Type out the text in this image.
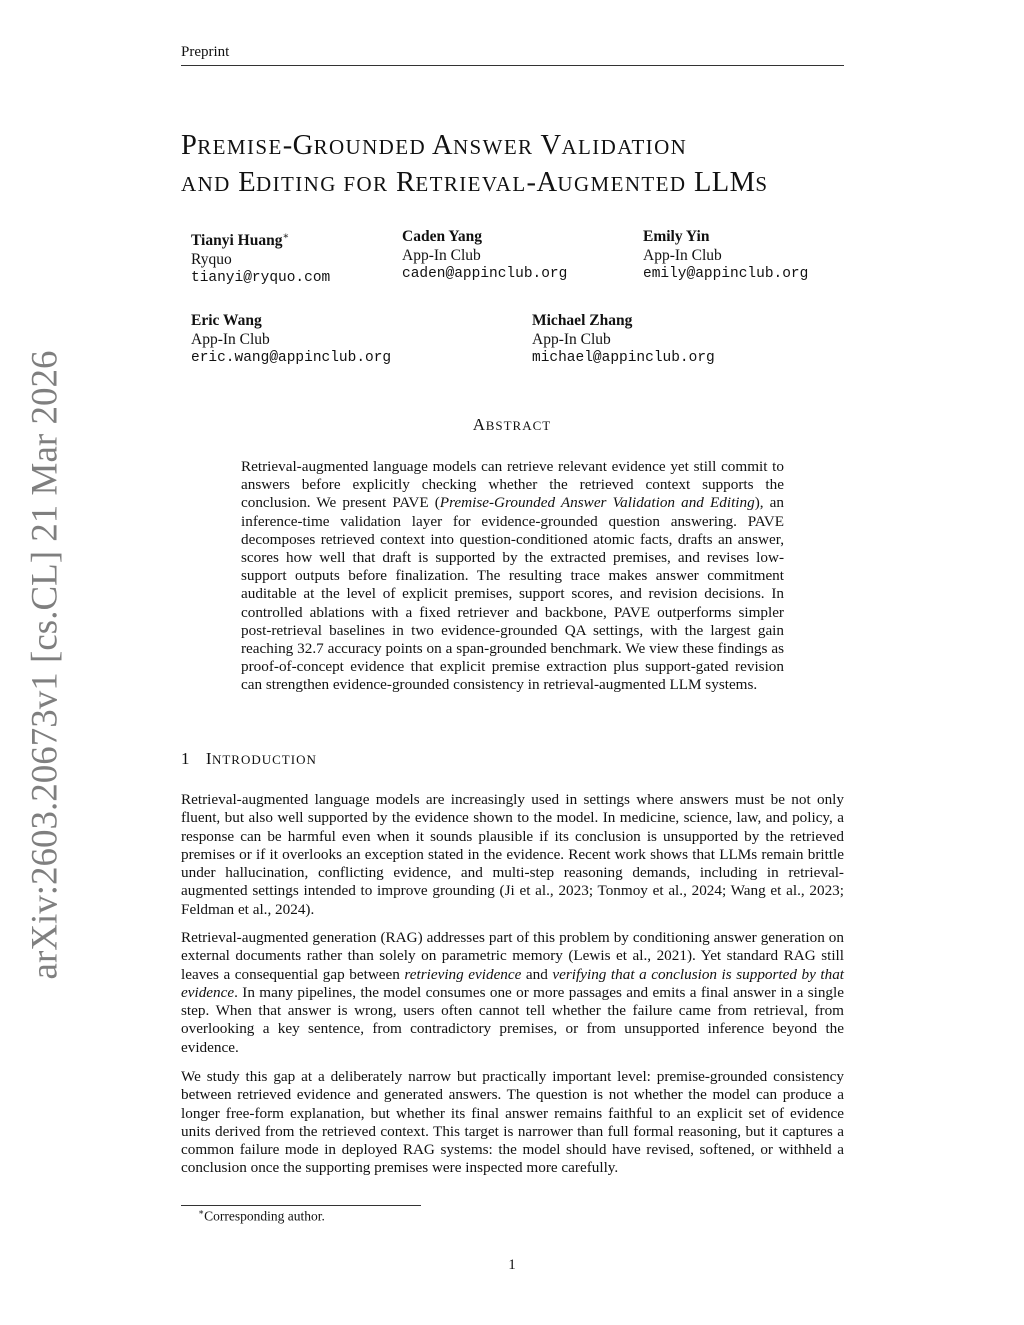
Preprint
arXiv:2603.20673v1 [cs.CL] 21 Mar 2026
PREMISE-GROUNDED ANSWER VALIDATION
AND EDITING FOR RETRIEVAL-AUGMENTED LLMS
Tianyi Huang∗
Ryquo
tianyi@ryquo.com
Caden Yang
App-In Club
caden@appinclub.org
Emily Yin
App-In Club
emily@appinclub.org
Eric Wang
App-In Club
eric.wang@appinclub.org
Michael Zhang
App-In Club
michael@appinclub.org
ABSTRACT

Retrieval-augmented language models can retrieve relevant evidence yet still commit to answers before explicitly checking whether the retrieved context supports the conclusion. We present PAVE (Premise-Grounded Answer Validation and Editing), an inference-time validation layer for evidence-grounded question answering. PAVE decomposes retrieved context into question-conditioned atomic facts, drafts an answer, scores how well that draft is supported by the extracted premises, and revises low-support outputs before finalization. The resulting trace makes answer commitment auditable at the level of explicit premises, support scores, and revision decisions. In controlled ablations with a fixed retriever and backbone, PAVE outperforms simpler post-retrieval baselines in two evidence-grounded QA settings, with the largest gain reaching 32.7 accuracy points on a span-grounded benchmark. We view these findings as proof-of-concept evidence that explicit premise extraction plus support-gated revision can strengthen evidence-grounded consistency in retrieval-augmented LLM systems.

1 INTRODUCTION

Retrieval-augmented language models are increasingly used in settings where answers must be not only fluent, but also well supported by the evidence shown to the model. In medicine, science, law, and policy, a response can be harmful even when it sounds plausible if its conclusion is unsupported by the retrieved premises or if it overlooks an exception stated in the evidence. Recent work shows that LLMs remain brittle under hallucination, conflicting evidence, and multi-step reasoning demands, including in retrieval-augmented settings intended to improve grounding (Ji et al., 2023; Tonmoy et al., 2024; Wang et al., 2023; Feldman et al., 2024).

Retrieval-augmented generation (RAG) addresses part of this problem by conditioning answer generation on external documents rather than solely on parametric memory (Lewis et al., 2021). Yet standard RAG still leaves a consequential gap between retrieving evidence and verifying that a conclusion is supported by that evidence. In many pipelines, the model consumes one or more passages and emits a final answer in a single step. When that answer is wrong, users often cannot tell whether the failure came from retrieval, from overlooking a key sentence, from contradictory premises, or from unsupported inference beyond the evidence.

We study this gap at a deliberately narrow but practically important level: premise-grounded consistency between retrieved evidence and generated answers. The question is not whether the model can produce a longer free-form explanation, but whether its final answer remains faithful to an explicit set of evidence units derived from the retrieved context. This target is narrower than full formal reasoning, but it captures a common failure mode in deployed RAG systems: the model should have revised, softened, or withheld a conclusion once the supporting premises were inspected more carefully.

∗Corresponding author.
1
